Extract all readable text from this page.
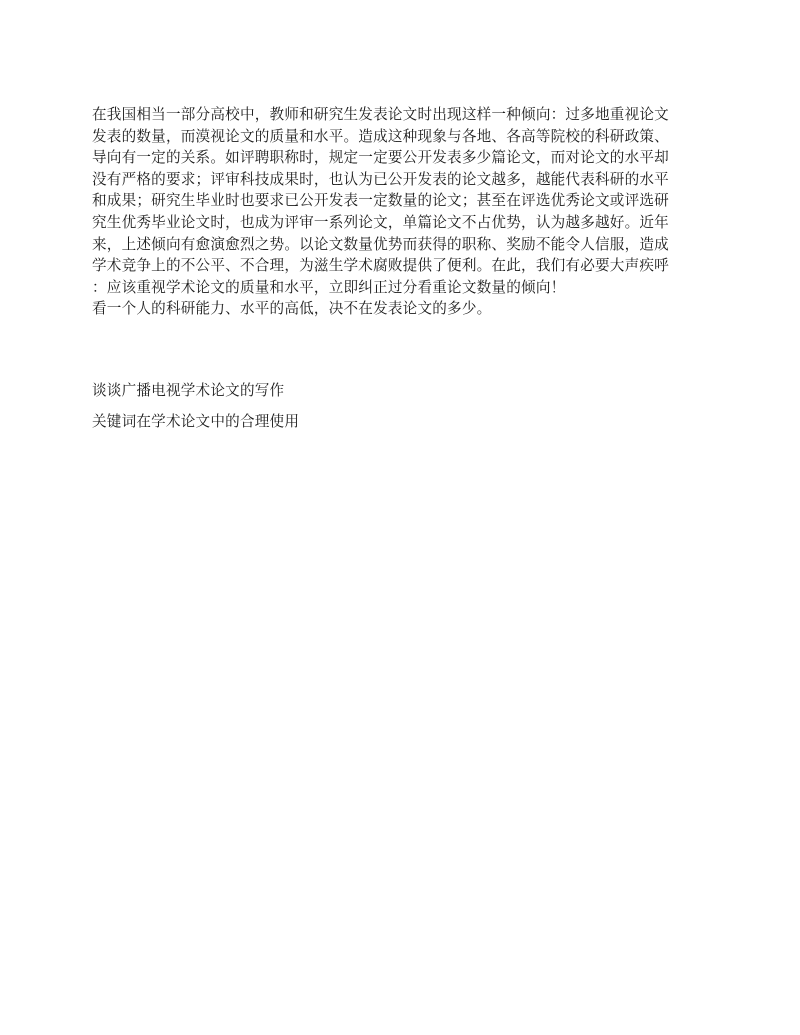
在我国相当一部分高校中，教师和研究生发表论文时出现这样一种倾向：过多地重视论文
发表的数量，而漠视论文的质量和水平。造成这种现象与各地、各高等院校的科研政策、
导向有一定的关系。如评聘职称时，规定一定要公开发表多少篇论文，而对论文的水平却
没有严格的要求；评审科技成果时，也认为已公开发表的论文越多，越能代表科研的水平
和成果；研究生毕业时也要求已公开发表一定数量的论文；甚至在评选优秀论文或评选研
究生优秀毕业论文时，也成为评审一系列论文，单篇论文不占优势，认为越多越好。近年
来，上述倾向有愈演愈烈之势。以论文数量优势而获得的职称、奖励不能令人信服，造成
学术竞争上的不公平、不合理，为滋生学术腐败提供了便利。在此，我们有必要大声疾呼
：应该重视学术论文的质量和水平，立即纠正过分看重论文数量的倾向！
看一个人的科研能力、水平的高低，决不在发表论文的多少。
谈谈广播电视学术论文的写作
关键词在学术论文中的合理使用
